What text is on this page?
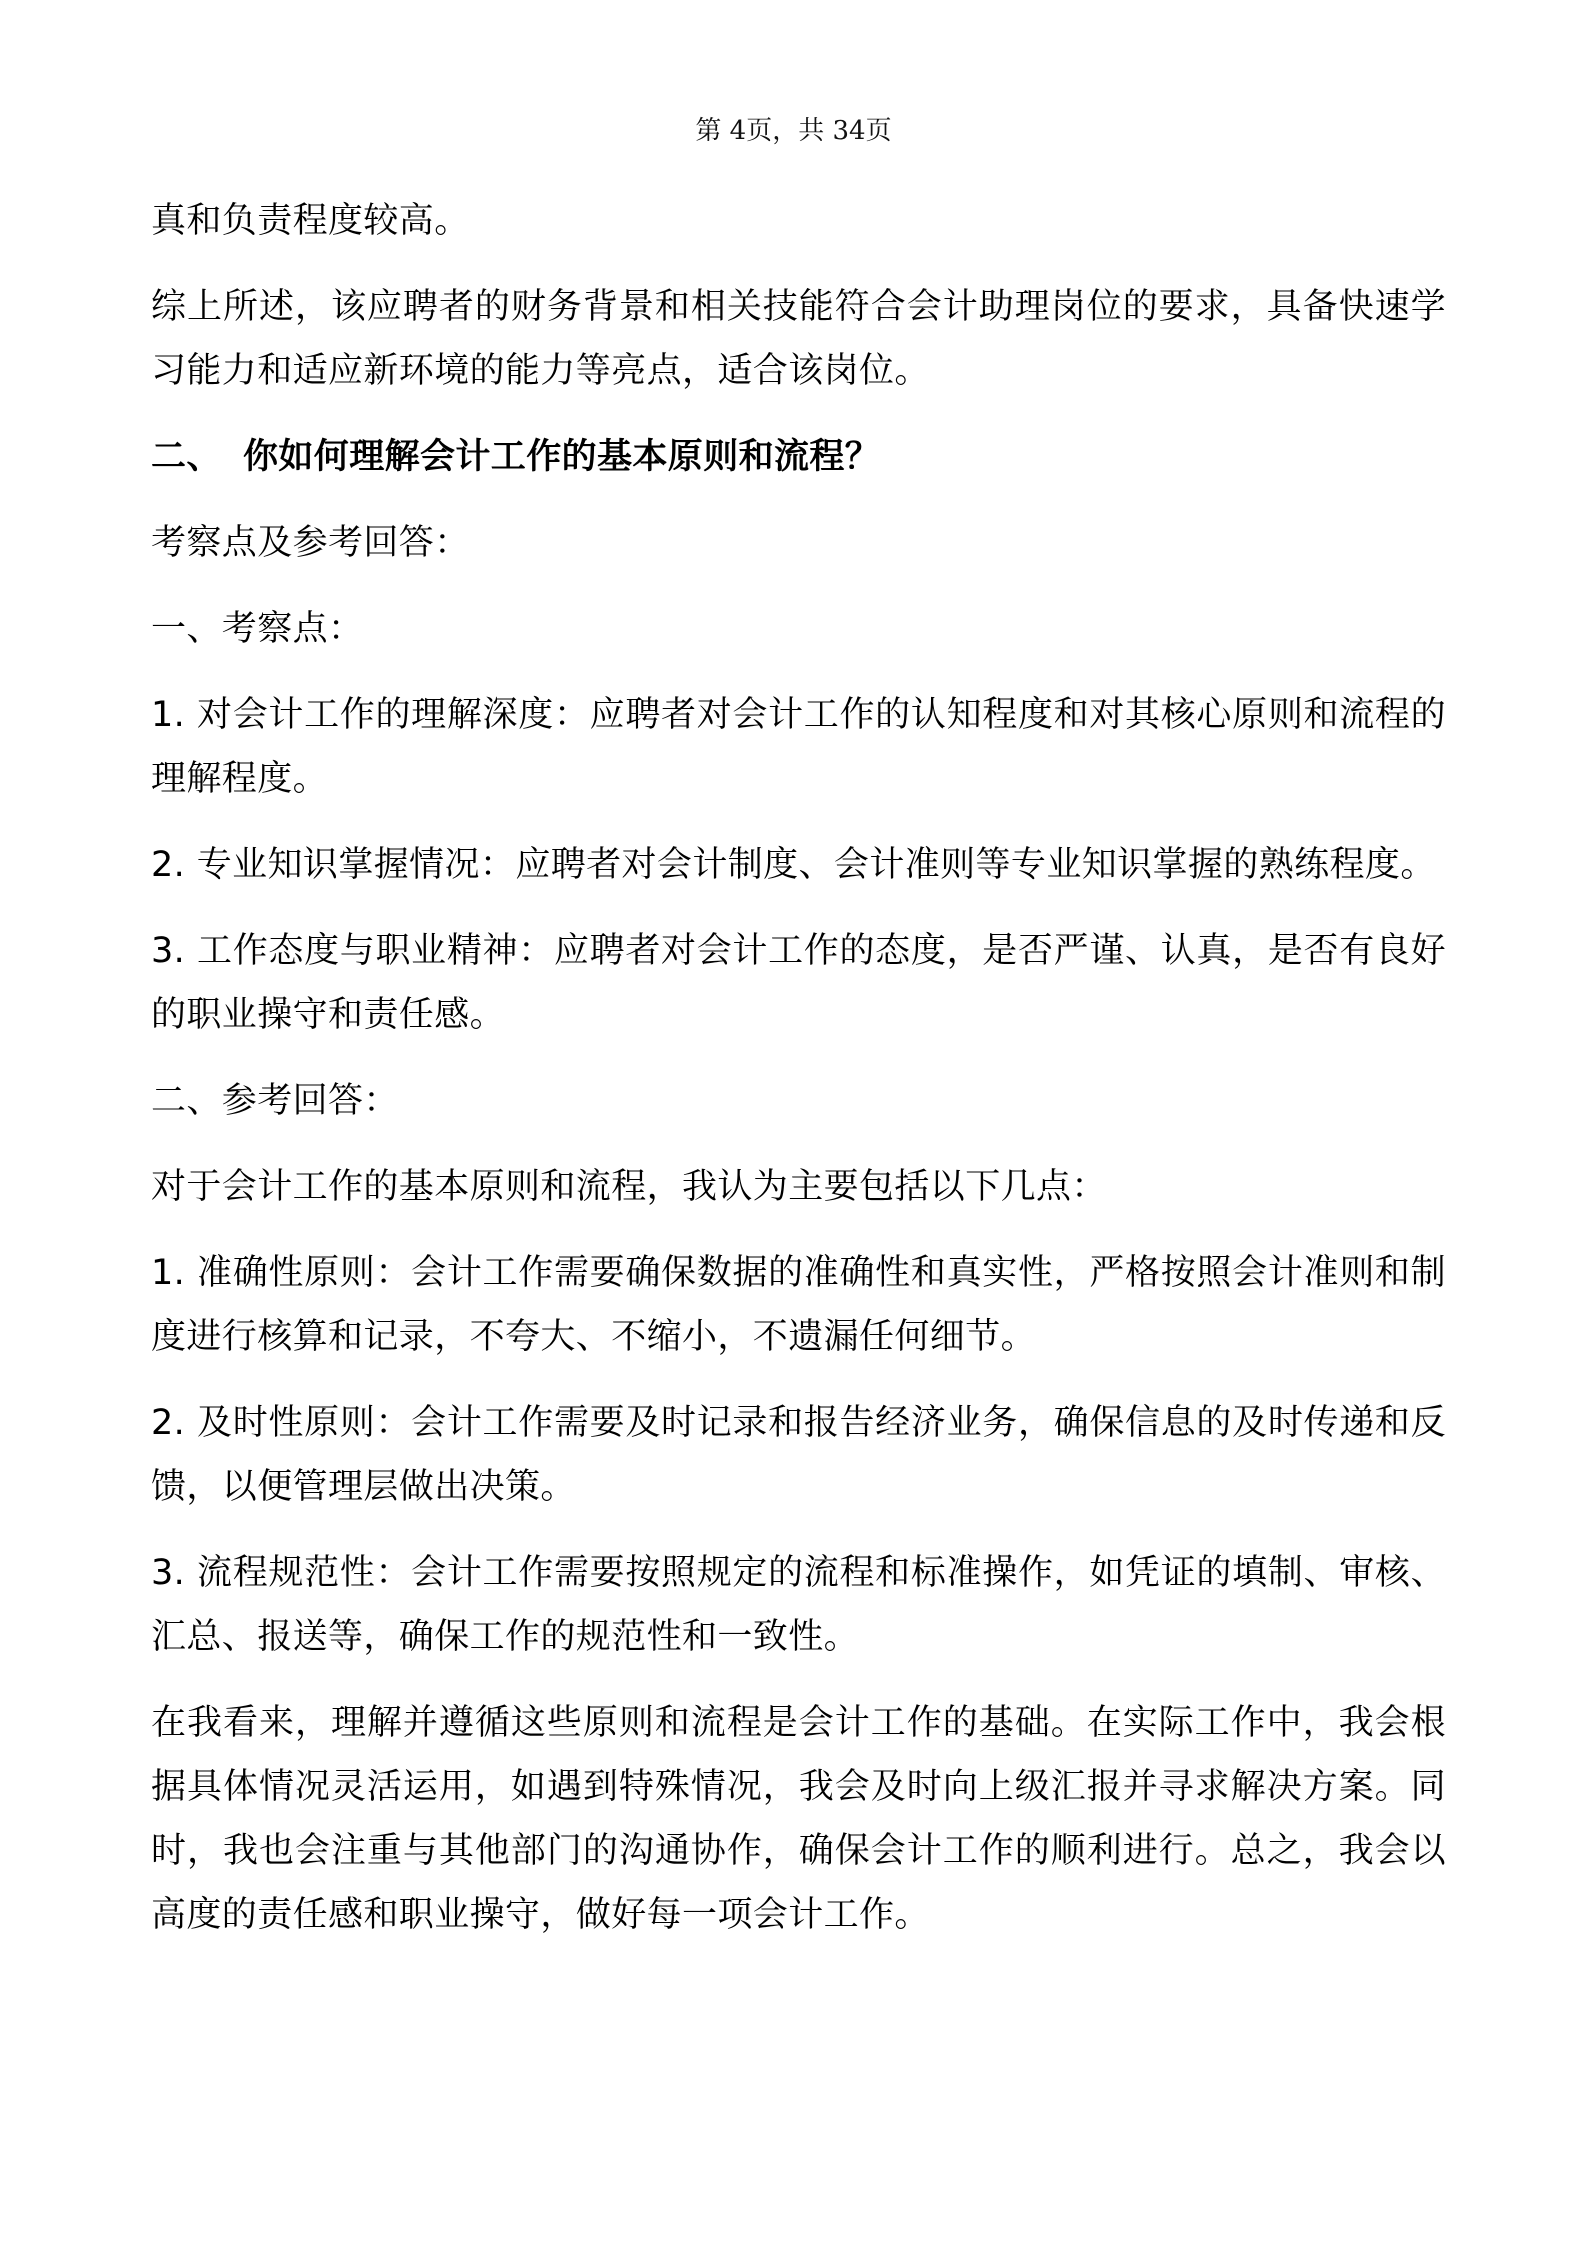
第 4页，共 34页

真和负责程度较高。

综上所述，该应聘者的财务背景和相关技能符合会计助理岗位的要求，具备快速学习能力和适应新环境的能力等亮点，适合该岗位。

二、 你如何理解会计工作的基本原则和流程？

考察点及参考回答：

一、考察点：

1. 对会计工作的理解深度：应聘者对会计工作的认知程度和对其核心原则和流程的理解程度。

2. 专业知识掌握情况：应聘者对会计制度、会计准则等专业知识掌握的熟练程度。

3. 工作态度与职业精神：应聘者对会计工作的态度，是否严谨、认真，是否有良好的职业操守和责任感。

二、参考回答：

对于会计工作的基本原则和流程，我认为主要包括以下几点：

1. 准确性原则：会计工作需要确保数据的准确性和真实性，严格按照会计准则和制度进行核算和记录，不夸大、不缩小，不遗漏任何细节。

2. 及时性原则：会计工作需要及时记录和报告经济业务，确保信息的及时传递和反馈，以便管理层做出决策。

3. 流程规范性：会计工作需要按照规定的流程和标准操作，如凭证的填制、审核、汇总、报送等，确保工作的规范性和一致性。

在我看来，理解并遵循这些原则和流程是会计工作的基础。在实际工作中，我会根据具体情况灵活运用，如遇到特殊情况，我会及时向上级汇报并寻求解决方案。同时，我也会注重与其他部门的沟通协作，确保会计工作的顺利进行。总之，我会以高度的责任感和职业操守，做好每一项会计工作。
